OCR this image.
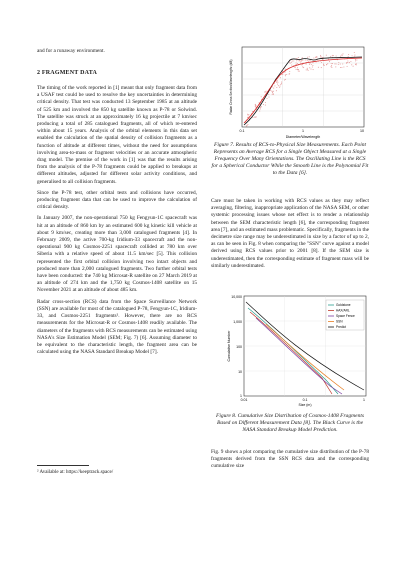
and for a runaway environment.

2 FRAGMENT DATA

The timing of the work reported in [1] meant that only fragment data from a USAF test could be used to resolve the key uncertainties in determining critical density. That test was conducted 13 September 1985 at an altitude of 525 km and involved the 850 kg satellite known as P-78 or Solwind. The satellite was struck at an approximately 16 kg projectile at 7 km/sec producing a total of 285 catalogued fragments, all of which re-entered within about 15 years. Analysis of the orbital elements in this data set enabled the calculation of the spatial density of collision fragments as a function of altitude at different times, without the need for assumptions involving area-to-mass or fragment velocities or an accurate atmospheric drag model. The premise of the work in [1] was that the results arising from the analysis of the P-78 fragments could be applied to breakups at different altitudes, adjusted for different solar activity conditions, and generalised to all collision fragments.

Since the P-78 test, other orbital tests and collisions have occurred, producing fragment data that can be used to improve the calculation of critical density.

In January 2007, the non-operational 750 kg Fengyun-1C spacecraft was hit at an altitude of 860 km by an estimated 600 kg kinetic kill vehicle at about 9 km/sec, creating more than 3,000 catalogued fragments [4]. In February 2009, the active 700-kg Iridium-33 spacecraft and the non-operational 900 kg Cosmos-2251 spacecraft collided at 780 km over Siberia with a relative speed of about 11.5 km/sec [5]. This collision represented the first orbital collision involving two intact objects and produced more than 2,000 catalogued fragments. Two further orbital tests have been conducted: the 740 kg Microsat-R satellite on 27 March 2019 at an altitude of 274 km and the 1,750 kg Cosmos-1408 satellite on 15 November 2021 at an altitude of about 485 km.

Radar cross-section (RCS) data from the Space Surveillance Network (SSN) are available for most of the catalogued P-78, Fengyun-1C, Iridium-33, and Cosmos-2251 fragments². However, there are no RCS measurements for the Microsat-R or Cosmos-1408 readily available. The diameters of the fragments with RCS measurements can be estimated using NASA's Size Estimation Model (SEM; Fig. 7) [6]. Assuming diameter to be equivalent to the characteristic length, the fragment area can be calculated using the NASA Standard Breakup Model [7].

² Available at: https://keeptrack.space/
Radar Cross Section/Wavelength² (dB)
0.1	1	10
Diameter/Wavelength

Figure 7. Results of RCS-to-Physical Size Measurements. Each Point Represents an Average RCS for a Single Object Measured at a Single Frequency Over Many Orientations. The Oscillating Line is the RCS for a Spherical Conductor While the Smooth Line is the Polynomial Fit to the Data [6].

Care must be taken in working with RCS values as they may reflect averaging, filtering, inappropriate application of the NASA SEM, or other systemic processing issues whose net effect is to render a relationship between the SEM characteristic length [6], the corresponding fragment area [7], and an estimated mass problematic. Specifically, fragments in the decimetre size range may be underestimated in size by a factor of up to 2, as can be seen in Fig. 8 when comparing the "SSN" curve against a model derived using RCS values prior to 2001 [8]. If the SEM size is underestimated, then the corresponding estimate of fragment mass will be similarly underestimated.

10,000
1,000
100
10
1
Cumulative Number
0.01	0.1	1
Size (m)
Goldstone
HAX/ARL
Space Fence
SSN
Predict

Figure 8. Cumulative Size Distribution of Cosmos-1408 Fragments Based on Different Measurement Data [8]. The Black Curve is the NASA Standard Breakup Model Prediction.

Fig. 9 shows a plot comparing the cumulative size distribution of the P-78 fragments derived from the SSN RCS data and the corresponding cumulative size
